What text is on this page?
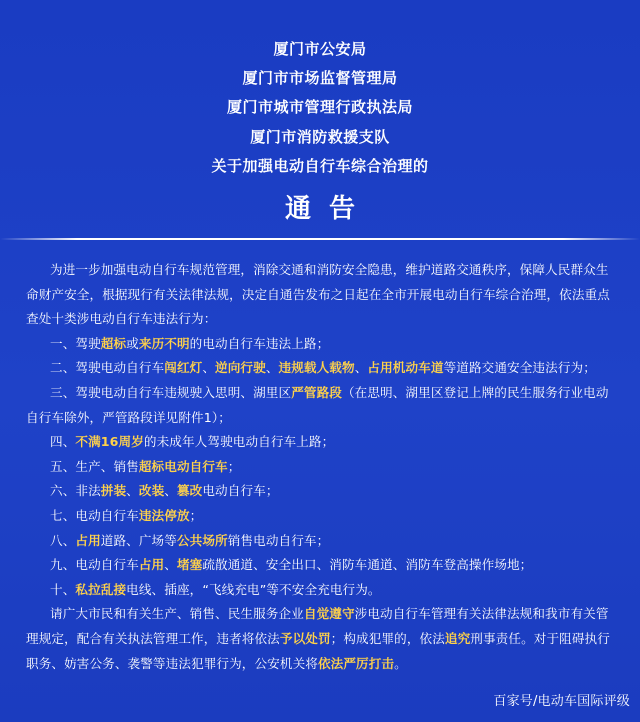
厦门市公安局
厦门市市场监督管理局
厦门市城市管理行政执法局
厦门市消防救援支队
关于加强电动自行车综合治理的
通告

为进一步加强电动自行车规范管理，消除交通和消防安全隐患，维护道路交通秩序，保障人民群众生命财产安全，根据现行有关法律法规，决定自通告发布之日起在全市开展电动自行车综合治理，依法重点查处十类涉电动自行车违法行为：

一、驾驶超标或来历不明的电动自行车违法上路；

二、驾驶电动自行车闯红灯、逆向行驶、违规载人载物、占用机动车道等道路交通安全违法行为；

三、驾驶电动自行车违规驶入思明、湖里区严管路段（在思明、湖里区登记上牌的民生服务行业电动自行车除外，严管路段详见附件1）；

四、不满16周岁的未成年人驾驶电动自行车上路；

五、生产、销售超标电动自行车；

六、非法拼装、改装、篡改电动自行车；

七、电动自行车违法停放；

八、占用道路、广场等公共场所销售电动自行车；

九、电动自行车占用、堵塞疏散通道、安全出口、消防车通道、消防车登高操作场地；

十、私拉乱接电线、插座，“飞线充电”等不安全充电行为。

请广大市民和有关生产、销售、民生服务企业自觉遵守涉电动自行车管理有关法律法规和我市有关管理规定，配合有关执法管理工作，违者将依法予以处罚；构成犯罪的，依法追究刑事责任。对于阻碍执行职务、妨害公务、袭警等违法犯罪行为，公安机关将依法严厉打击。

百家号/电动车国际评级
